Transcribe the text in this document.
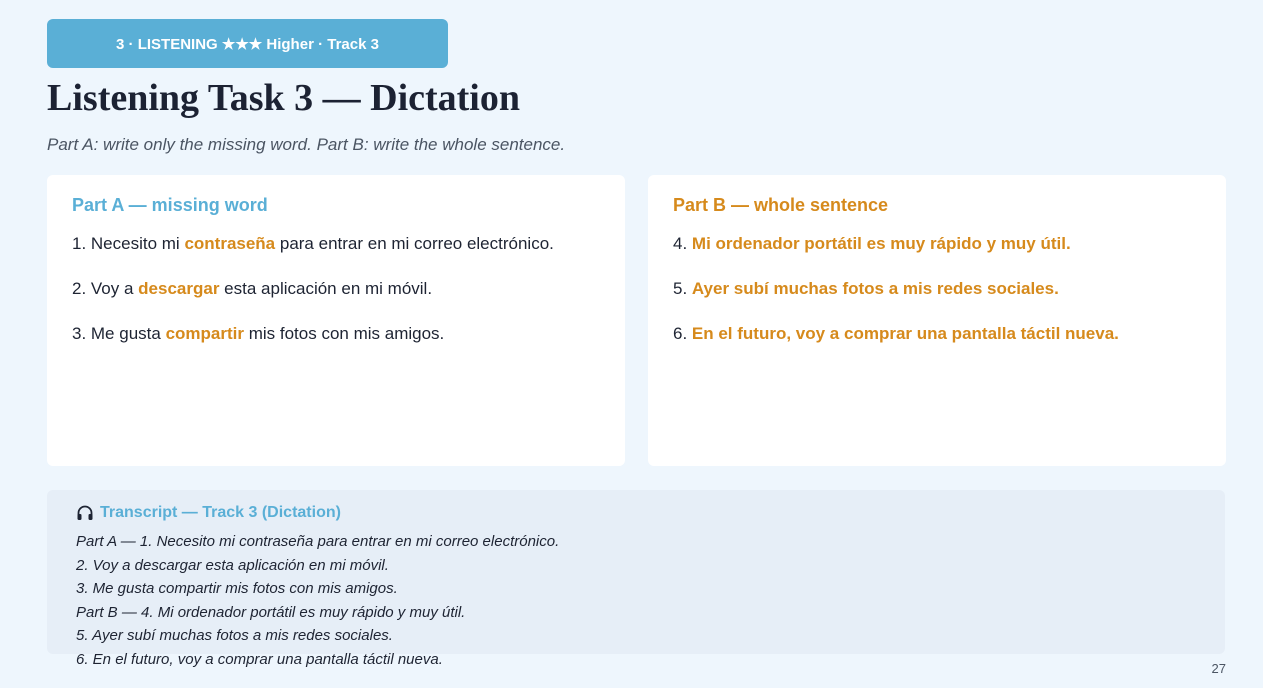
3 · LISTENING ★★★ Higher · Track 3
Listening Task 3 — Dictation
Part A: write only the missing word. Part B: write the whole sentence.
Part A — missing word
1. Necesito mi contraseña para entrar en mi correo electrónico.
2. Voy a descargar esta aplicación en mi móvil.
3. Me gusta compartir mis fotos con mis amigos.
Part B — whole sentence
4. Mi ordenador portátil es muy rápido y muy útil.
5. Ayer subí muchas fotos a mis redes sociales.
6. En el futuro, voy a comprar una pantalla táctil nueva.
Transcript — Track 3 (Dictation)
Part A — 1. Necesito mi contraseña para entrar en mi correo electrónico.
2. Voy a descargar esta aplicación en mi móvil.
3. Me gusta compartir mis fotos con mis amigos.
Part B — 4. Mi ordenador portátil es muy rápido y muy útil.
5. Ayer subí muchas fotos a mis redes sociales.
6. En el futuro, voy a comprar una pantalla táctil nueva.
27
